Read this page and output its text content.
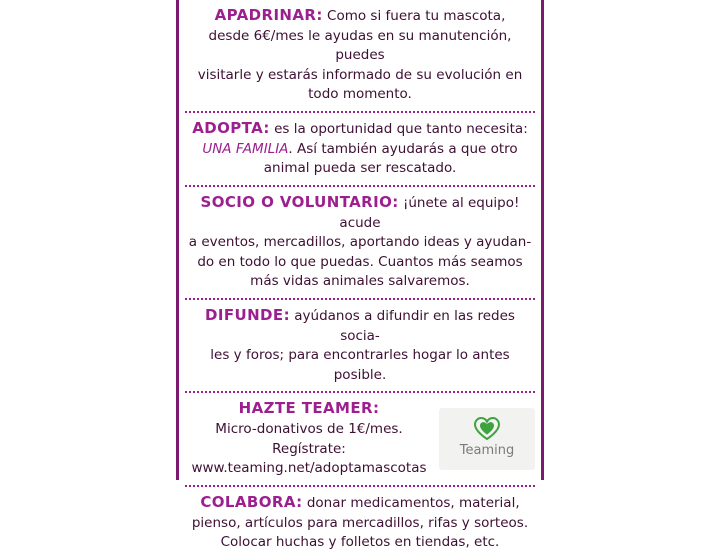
APADRINAR: Como si fuera tu mascota,

desde 6€/mes le ayudas en su manutención, puedes

visitarle y estarás informado de su evolución en

todo momento.

ADOPTA: es la oportunidad que tanto necesita:

UNA FAMILIA. Así también ayudarás a que otro

animal pueda ser rescatado.

SOCIO O VOLUNTARIO: ¡únete al equipo! acude

a eventos, mercadillos, aportando ideas y ayudan-

do en todo lo que puedas. Cuantos más seamos

más vidas animales salvaremos.

DIFUNDE: ayúdanos a difundir en las redes socia-

les y foros; para encontrarles hogar lo antes posible.

HAZTE TEAMER:

Micro-donativos de 1€/mes.

Regístrate:

www.teaming.net/adoptamascotas

Teaming

COLABORA: donar medicamentos, material,

pienso, artículos para mercadillos, rifas y sorteos.

Colocar huchas y folletos en tiendas, etc.
